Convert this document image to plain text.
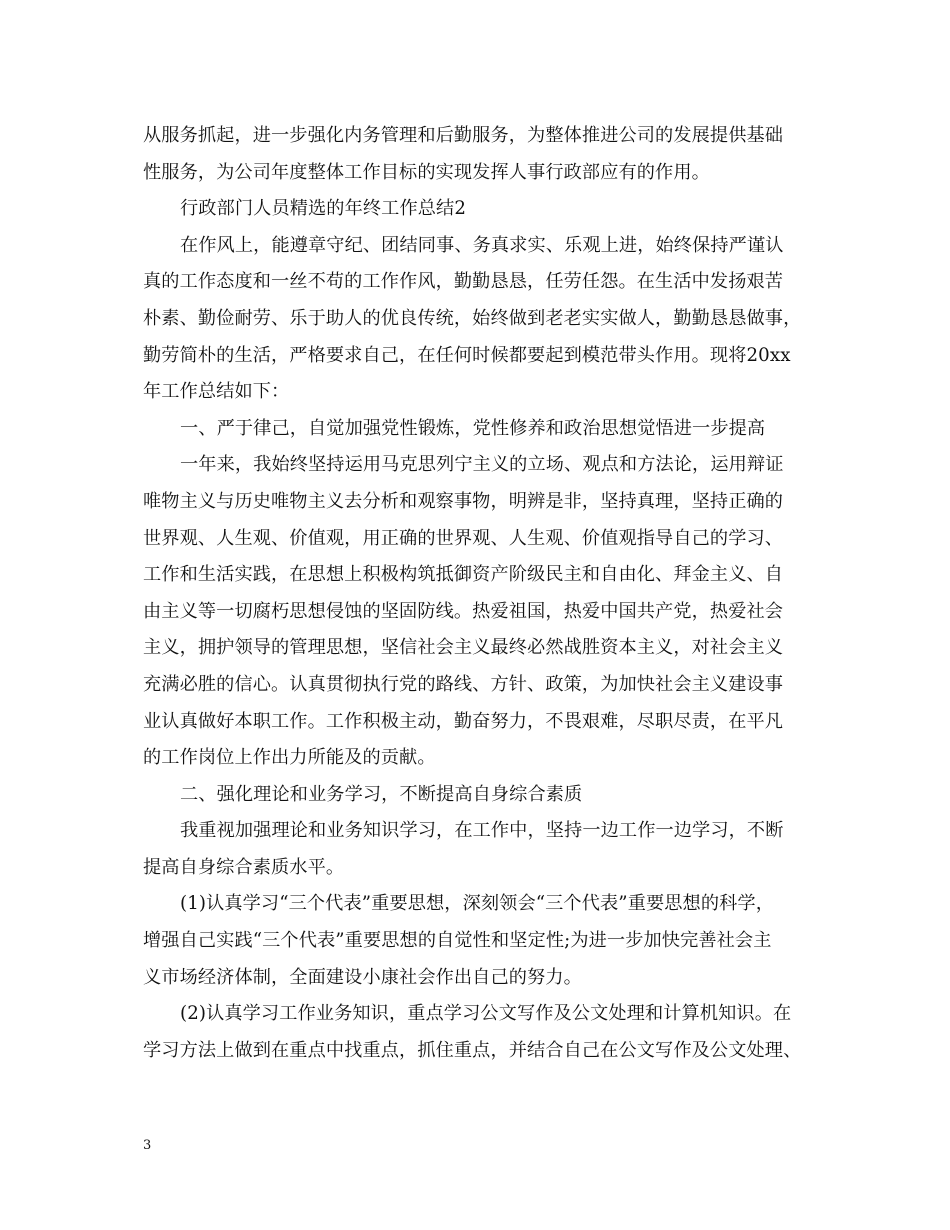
从服务抓起，进一步强化内务管理和后勤服务，为整体推进公司的发展提供基础
性服务，为公司年度整体工作目标的实现发挥人事行政部应有的作用。
行政部门人员精选的年终工作总结2
在作风上，能遵章守纪、团结同事、务真求实、乐观上进，始终保持严谨认
真的工作态度和一丝不苟的工作作风，勤勤恳恳，任劳任怨。在生活中发扬艰苦
朴素、勤俭耐劳、乐于助人的优良传统，始终做到老老实实做人，勤勤恳恳做事，
勤劳简朴的生活，严格要求自己，在任何时候都要起到模范带头作用。现将20xx
年工作总结如下：
一、严于律己，自觉加强党性锻炼，党性修养和政治思想觉悟进一步提高
一年来，我始终坚持运用马克思列宁主义的立场、观点和方法论，运用辩证
唯物主义与历史唯物主义去分析和观察事物，明辨是非，坚持真理，坚持正确的
世界观、人生观、价值观，用正确的世界观、人生观、价值观指导自己的学习、
工作和生活实践，在思想上积极构筑抵御资产阶级民主和自由化、拜金主义、自
由主义等一切腐朽思想侵蚀的坚固防线。热爱祖国，热爱中国共产党，热爱社会
主义，拥护领导的管理思想，坚信社会主义最终必然战胜资本主义，对社会主义
充满必胜的信心。认真贯彻执行党的路线、方针、政策，为加快社会主义建设事
业认真做好本职工作。工作积极主动，勤奋努力，不畏艰难，尽职尽责，在平凡
的工作岗位上作出力所能及的贡献。
二、强化理论和业务学习，不断提高自身综合素质
我重视加强理论和业务知识学习，在工作中，坚持一边工作一边学习，不断
提高自身综合素质水平。
(1)认真学习“三个代表”重要思想，深刻领会“三个代表”重要思想的科学，
增强自己实践“三个代表”重要思想的自觉性和坚定性;为进一步加快完善社会主
义市场经济体制，全面建设小康社会作出自己的努力。
(2)认真学习工作业务知识，重点学习公文写作及公文处理和计算机知识。在
学习方法上做到在重点中找重点，抓住重点，并结合自己在公文写作及公文处理、
3
